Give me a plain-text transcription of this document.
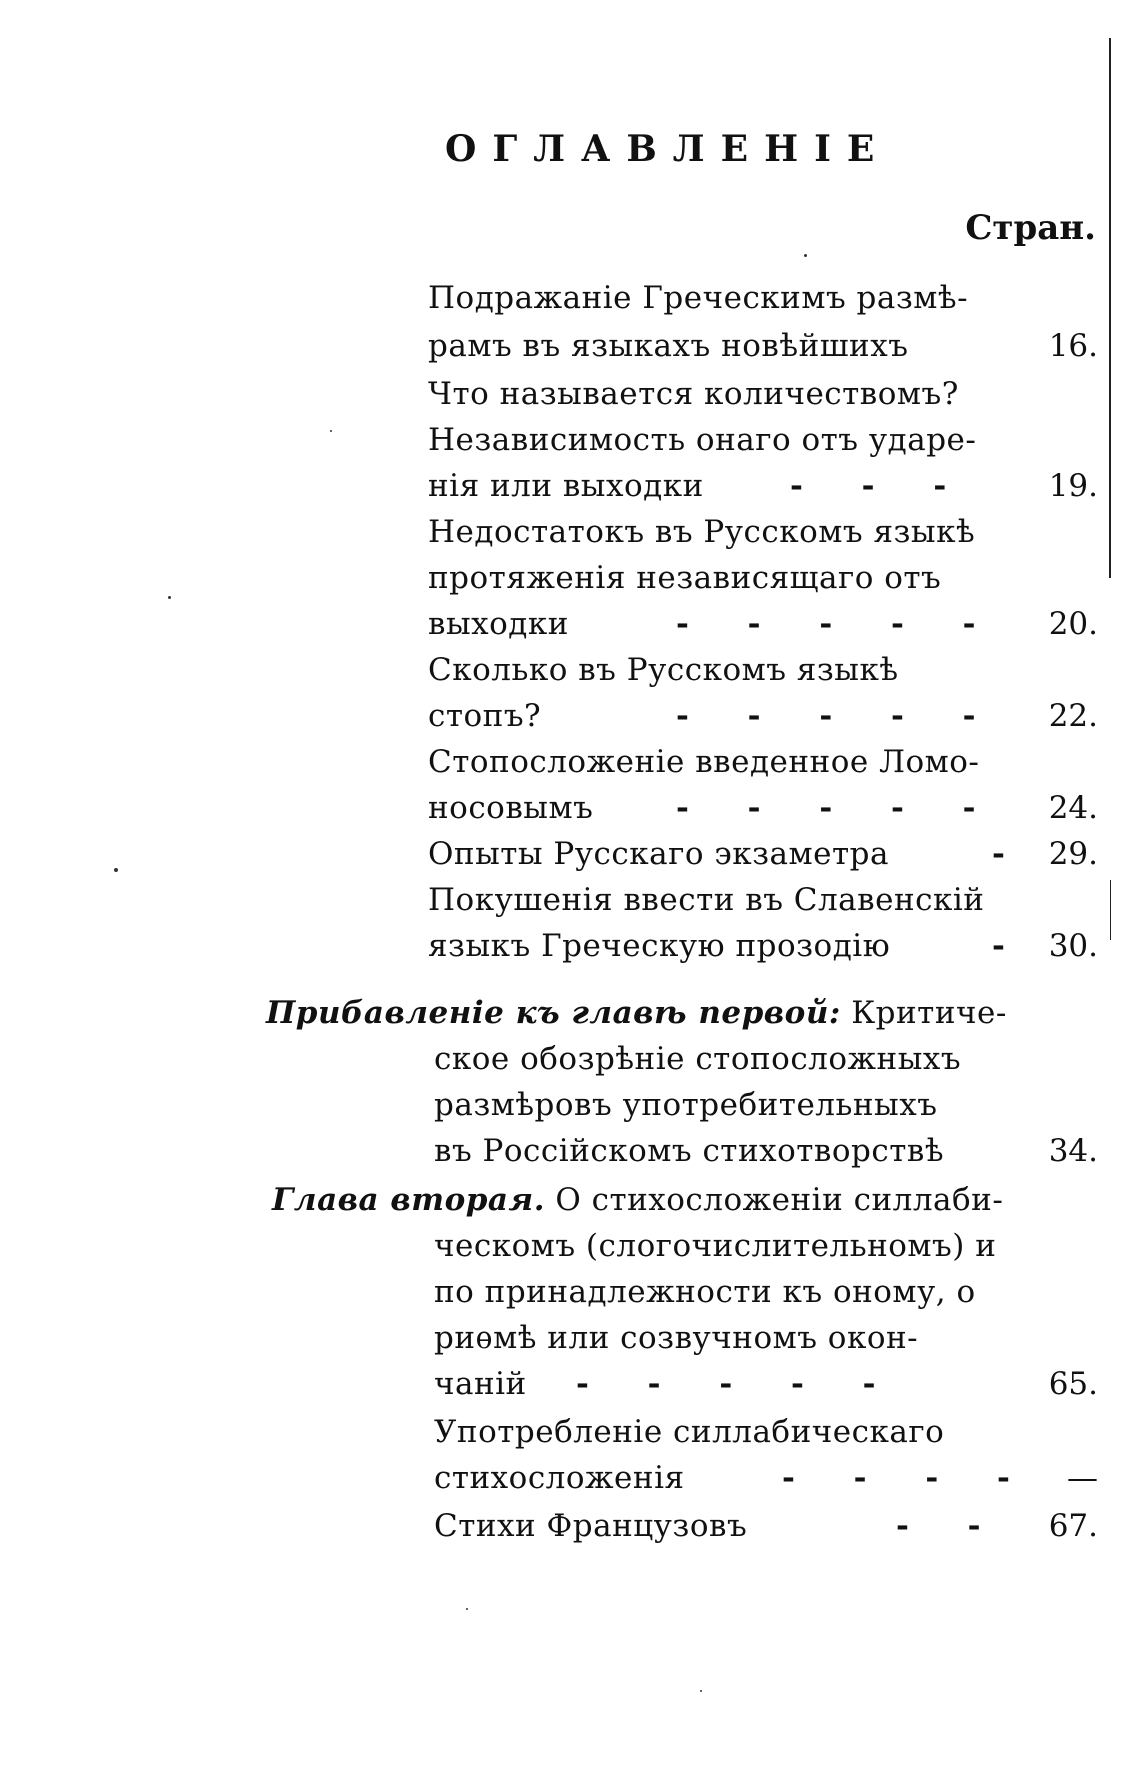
ОГЛАВЛЕНІЕ
Стран.
Подражаніе Греческимъ размѣ-
рамъ въ языкахъ новѣйшихъ	16.
Что называется количествомъ?
Независимость онаго отъ ударе-
нія или выходки	- - -	19.
Недостатокъ въ Русскомъ языкѣ
протяженія независящаго отъ
выходки	- - - - - 20.
Сколько въ Русскомъ языкѣ
стопъ?	- - - - - 22.
Стопосложеніе введенное Ломо-
носовымъ	- - - - - 24.
Опыты Русскаго экзаметра	- 29.
Покушенія ввести въ Славенскій
языкъ Греческую прозодію	- 30.
Прибавленіе къ главѣ первой: Критиче-
ское обозрѣніе стопосложныхъ
размѣровъ употребительныхъ
въ Россійскомъ стихотворствѣ	34.
Глава вторая. О стихосложеніи силлаби-
ческомъ (слогочислительномъ) и
по принадлежности къ оному, о
риѳмѣ или созвучномъ окон-
чаній - - - - -	65.
Употребленіе силлабическаго
стихосложенія	- - - - —
Стихи Французовъ	- - 67.
